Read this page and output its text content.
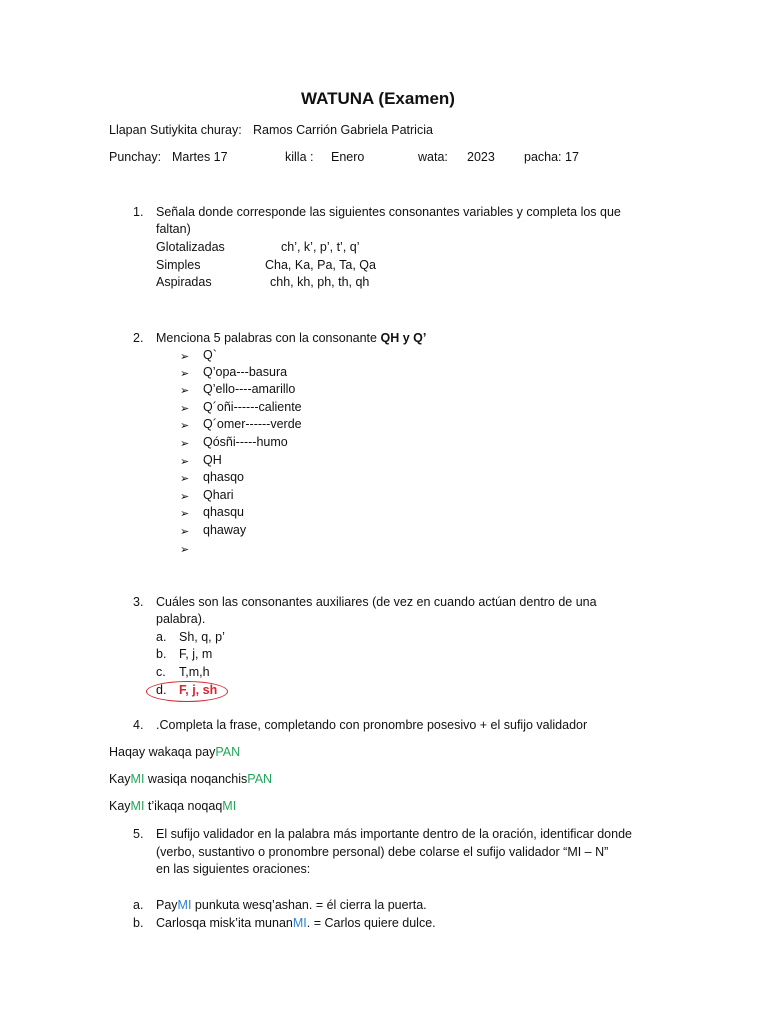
WATUNA (Examen)
Llapan Sutiykita churay: Ramos Carrión Gabriela Patricia
Punchay: Martes 17	killa : Enero	wata: 2023 pacha: 17
1. Señala donde corresponde las siguientes consonantes variables y completa los que
faltan)
Glotalizadas	ch’, k’, p’, t’, q’
Simples	Cha, Ka, Pa, Ta, Qa
Aspiradas	chh, kh, ph, th, qh
2. Menciona 5 palabras con la consonante QH y Q’
➢ Q`
➢ Q’opa---basura
➢ Q’ello----amarillo
➢ Q´oñi------caliente
➢ Q´omer------verde
➢ Qósñi-----humo
➢ QH
➢ qhasqo
➢ Qhari
➢ qhasqu
➢ qhaway
➢
3. Cuáles son las consonantes auxiliares (de vez en cuando actúan dentro de una
palabra).
a. Sh, q, p’
b. F, j, m
c. T,m,h
d. F, j, sh
4. .Completa la frase, completando con pronombre posesivo + el sufijo validador
Haqay wakaqa payPAN
KayMI wasiqa noqanchisPAN
KayMI t’ikaqa noqaqMI
5. El sufijo validador en la palabra más importante dentro de la oración, identificar donde
(verbo, sustantivo o pronombre personal) debe colarse el sufijo validador “MI – N”
en las siguientes oraciones:
a. PayMI punkuta wesq’ashan. = él cierra la puerta.
b. Carlosqa misk’ita munanMI. = Carlos quiere dulce.
